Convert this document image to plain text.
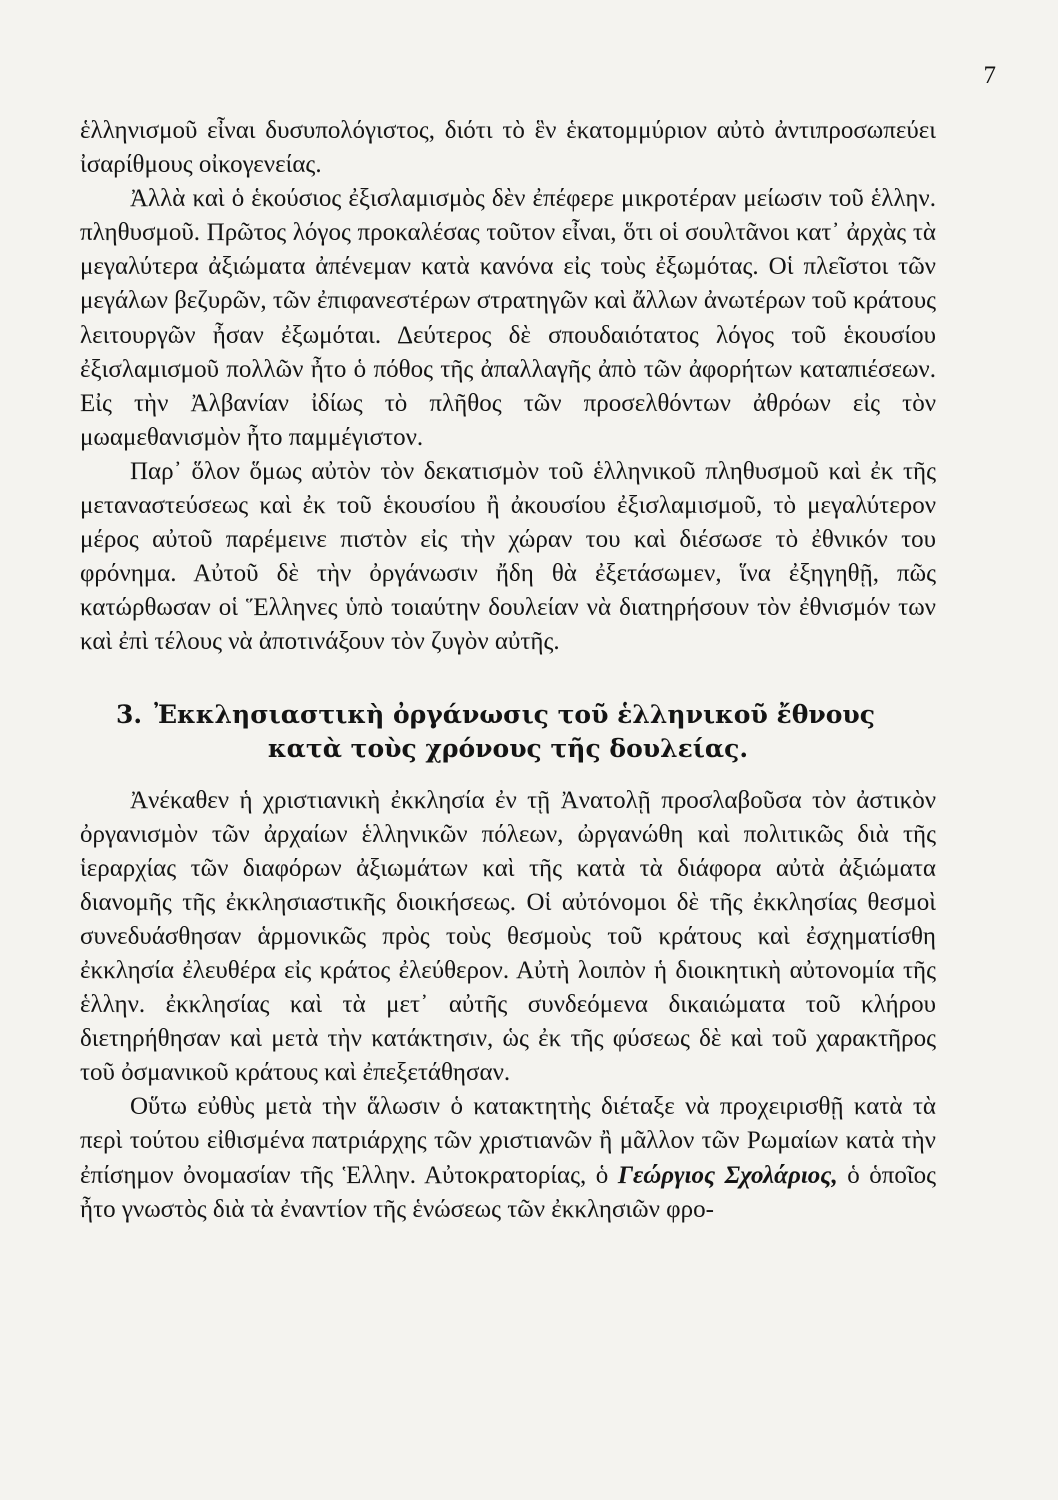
7

ἑλληνισμοῦ εἶναι δυσυπολόγιστος, διότι τὸ ἓν ἑκατομμύριον αὐτὸ ἀντιπροσωπεύει ἰσαρίθμους οἰκογενείας.

Ἀλλὰ καὶ ὁ ἑκούσιος ἐξισλαμισμὸς δὲν ἐπέφερε μικροτέραν μείωσιν τοῦ ἑλλην. πληθυσμοῦ. Πρῶτος λόγος προκαλέσας τοῦτον εἶναι, ὅτι οἱ σουλτᾶνοι κατ᾿ ἀρχὰς τὰ μεγαλύτερα ἀξιώματα ἀπένεμαν κατὰ κανόνα εἰς τοὺς ἐξωμότας. Οἱ πλεῖστοι τῶν μεγάλων βεζυρῶν, τῶν ἐπιφανεστέρων στρατηγῶν καὶ ἄλλων ἀνωτέρων τοῦ κράτους λειτουργῶν ἦσαν ἐξωμόται. Δεύτερος δὲ σπουδαιότατος λόγος τοῦ ἑκουσίου ἐξισλαμισμοῦ πολλῶν ἦτο ὁ πόθος τῆς ἀπαλλαγῆς ἀπὸ τῶν ἀφορήτων καταπιέσεων. Εἰς τὴν Ἀλβανίαν ἰδίως τὸ πλῆθος τῶν προσελθόντων ἀθρόων εἰς τὸν μωαμεθανισμὸν ἦτο παμμέγιστον.

Παρ᾿ ὅλον ὅμως αὐτὸν τὸν δεκατισμὸν τοῦ ἑλληνικοῦ πληθυσμοῦ καὶ ἐκ τῆς μεταναστεύσεως καὶ ἐκ τοῦ ἑκουσίου ἢ ἀκουσίου ἐξισλαμισμοῦ, τὸ μεγαλύτερον μέρος αὐτοῦ παρέμεινε πιστὸν εἰς τὴν χώραν του καὶ διέσωσε τὸ ἐθνικόν του φρόνημα. Αὐτοῦ δὲ τὴν ὀργάνωσιν ἤδη θὰ ἐξετάσωμεν, ἵνα ἐξηγηθῇ, πῶς κατώρθωσαν οἱ Ἕλληνες ὑπὸ τοιαύτην δουλείαν νὰ διατηρήσουν τὸν ἐθνισμόν των καὶ ἐπὶ τέλους νὰ ἀποτινάξουν τὸν ζυγὸν αὐτῆς.

3. Ἐκκλησιαστικὴ ὀργάνωσις τοῦ ἑλληνικοῦ ἔθνους
κατὰ τοὺς χρόνους τῆς δουλείας.

Ἀνέκαθεν ἡ χριστιανικὴ ἐκκλησία ἐν τῇ Ἀνατολῇ προσλαβοῦσα τὸν ἀστικὸν ὀργανισμὸν τῶν ἀρχαίων ἑλληνικῶν πόλεων, ὠργανώθη καὶ πολιτικῶς διὰ τῆς ἱεραρχίας τῶν διαφόρων ἀξιωμάτων καὶ τῆς κατὰ τὰ διάφορα αὐτὰ ἀξιώματα διανομῆς τῆς ἐκκλησιαστικῆς διοικήσεως. Οἱ αὐτόνομοι δὲ τῆς ἐκκλησίας θεσμοὶ συνεδυάσθησαν ἁρμονικῶς πρὸς τοὺς θεσμοὺς τοῦ κράτους καὶ ἐσχηματίσθη ἐκκλησία ἐλευθέρα εἰς κράτος ἐλεύθερον. Αὐτὴ λοιπὸν ἡ διοικητικὴ αὐτονομία τῆς ἑλλην. ἐκκλησίας καὶ τὰ μετ᾿ αὐτῆς συνδεόμενα δικαιώματα τοῦ κλήρου διετηρήθησαν καὶ μετὰ τὴν κατάκτησιν, ὡς ἐκ τῆς φύσεως δὲ καὶ τοῦ χαρακτῆρος τοῦ ὀσμανικοῦ κράτους καὶ ἐπεξετάθησαν.

Οὕτω εὐθὺς μετὰ τὴν ἅλωσιν ὁ κατακτητὴς διέταξε νὰ προχειρισθῇ κατὰ τὰ περὶ τούτου εἰθισμένα πατριάρχης τῶν χριστιανῶν ἢ μᾶλλον τῶν Ρωμαίων κατὰ τὴν ἐπίσημον ὀνομασίαν τῆς Ἑλλην. Αὐτοκρατορίας, ὁ Γεώργιος Σχολάριος, ὁ ὁποῖος ἦτο γνωστὸς διὰ τὰ ἐναντίον τῆς ἑνώσεως τῶν ἐκκλησιῶν φρο-
